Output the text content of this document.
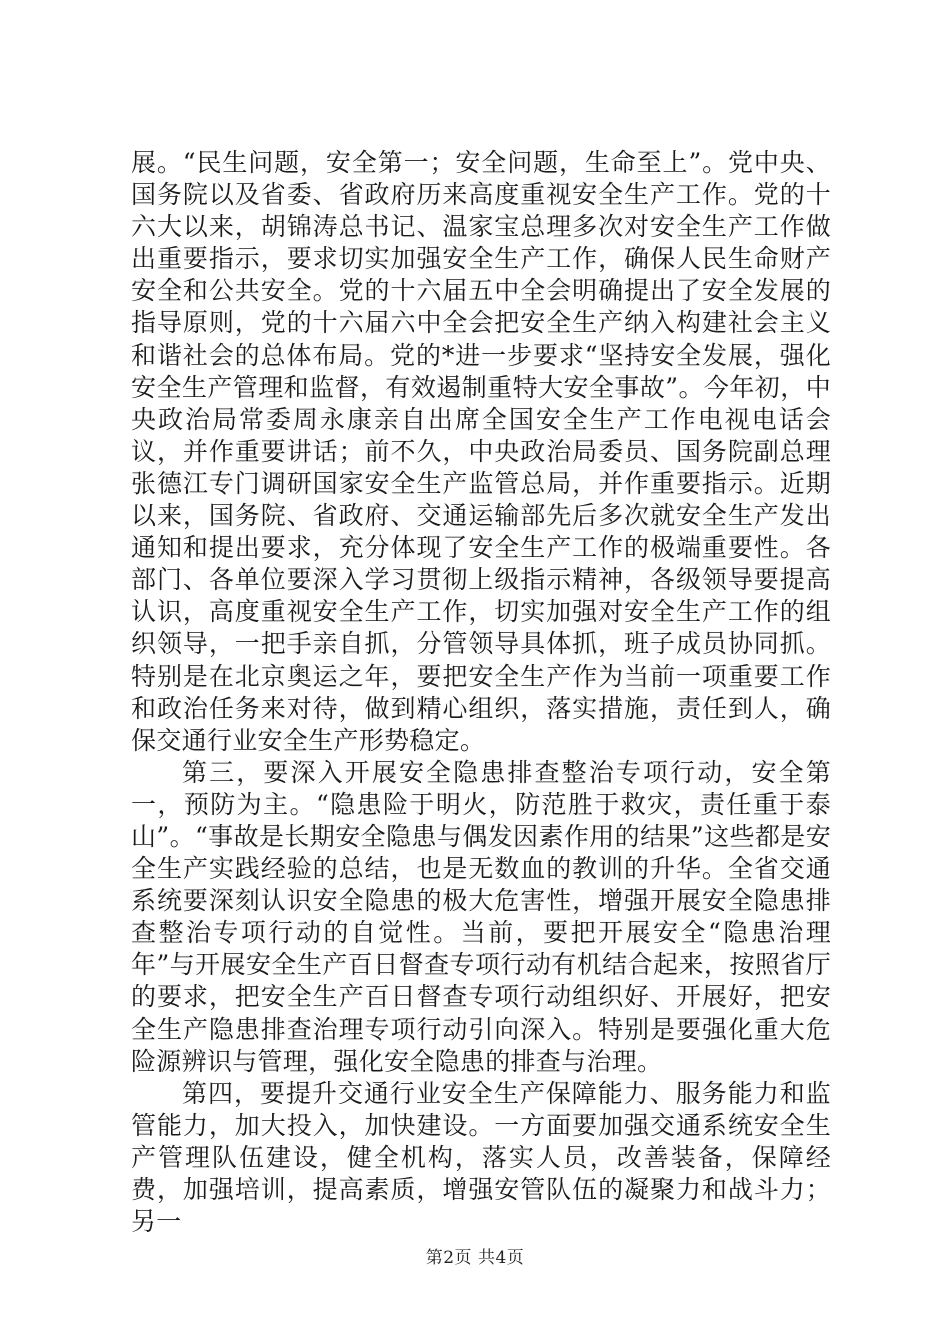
展。“民生问题，安全第一；安全问题，生命至上”。党中央、国务院以及省委、省政府历来高度重视安全生产工作。党的十六大以来，胡锦涛总书记、温家宝总理多次对安全生产工作做出重要指示，要求切实加强安全生产工作，确保人民生命财产安全和公共安全。党的十六届五中全会明确提出了安全发展的指导原则，党的十六届六中全会把安全生产纳入构建社会主义和谐社会的总体布局。党的*进一步要求“坚持安全发展，强化安全生产管理和监督，有效遏制重特大安全事故”。今年初，中央政治局常委周永康亲自出席全国安全生产工作电视电话会议，并作重要讲话；前不久，中央政治局委员、国务院副总理张德江专门调研国家安全生产监管总局，并作重要指示。近期以来，国务院、省政府、交通运输部先后多次就安全生产发出通知和提出要求，充分体现了安全生产工作的极端重要性。各部门、各单位要深入学习贯彻上级指示精神，各级领导要提高认识，高度重视安全生产工作，切实加强对安全生产工作的组织领导，一把手亲自抓，分管领导具体抓，班子成员协同抓。特别是在北京奥运之年，要把安全生产作为当前一项重要工作和政治任务来对待，做到精心组织，落实措施，责任到人，确保交通行业安全生产形势稳定。

第三，要深入开展安全隐患排查整治专项行动，安全第一，预防为主。“隐患险于明火，防范胜于救灾，责任重于泰山”。“事故是长期安全隐患与偶发因素作用的结果”这些都是安全生产实践经验的总结，也是无数血的教训的升华。全省交通系统要深刻认识安全隐患的极大危害性，增强开展安全隐患排查整治专项行动的自觉性。当前，要把开展安全“隐患治理年”与开展安全生产百日督查专项行动有机结合起来，按照省厅的要求，把安全生产百日督查专项行动组织好、开展好，把安全生产隐患排查治理专项行动引向深入。特别是要强化重大危险源辨识与管理，强化安全隐患的排查与治理。

第四，要提升交通行业安全生产保障能力、服务能力和监管能力，加大投入，加快建设。一方面要加强交通系统安全生产管理队伍建设，健全机构，落实人员，改善装备，保障经费，加强培训，提高素质，增强安管队伍的凝聚力和战斗力；另一

第2页 共4页
